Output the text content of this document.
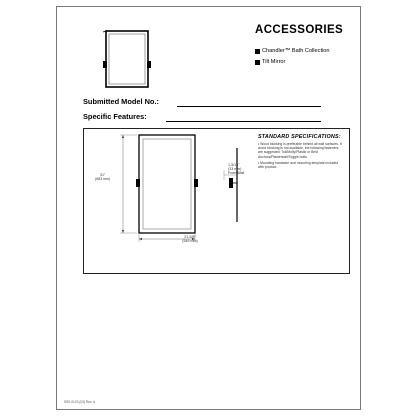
ACCESSORIES
Chandler™ Bath Collection
Tilt Mirror
Submitted Model No.:
Specific Features:
31"
(683 mm)
21-5/8"
(549 mm)
1-5/16"
(33 mm)
From Wall
STANDARD SPECIFICATIONS:
• Wood blocking is preferable behind all wall surfaces. If wood blocking is not available, the following fasteners are suggested: Toll/Molly/Plastic or Best Anchors/Plasterwall/Toggle bolts.
• Mounting hardware and mounting template included with product.
SSS 0123 (03) Rev. A
